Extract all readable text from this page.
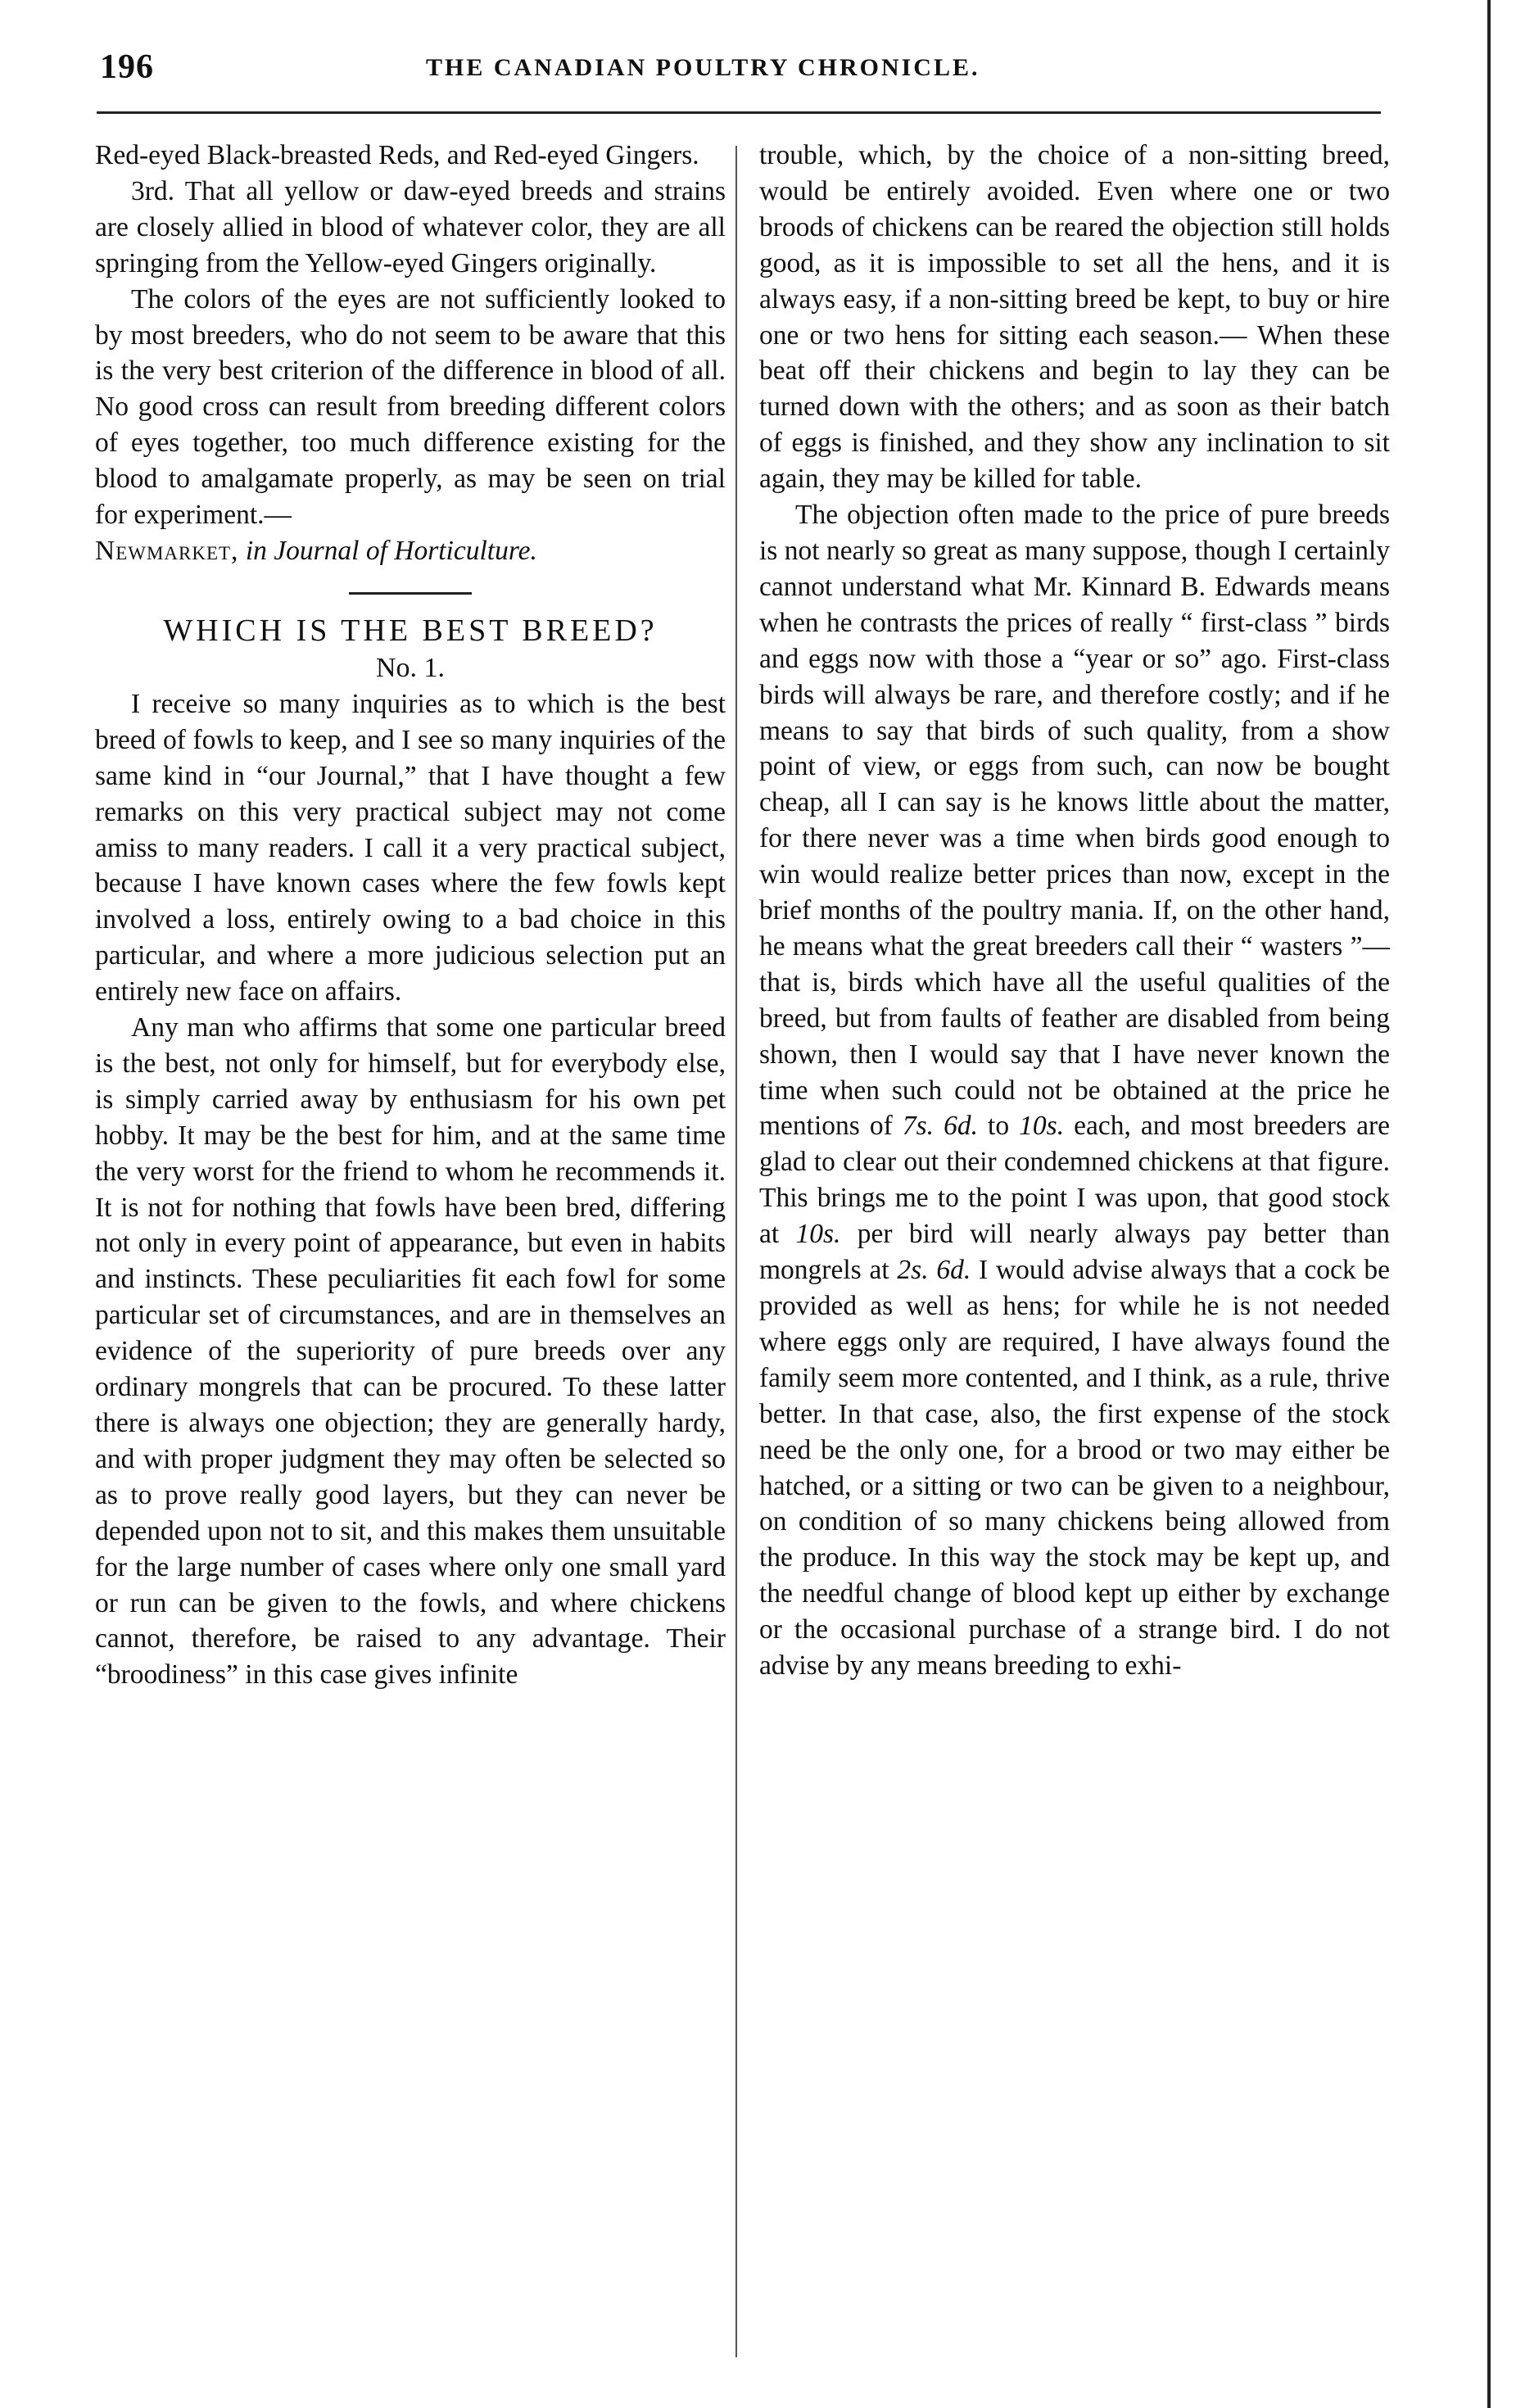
196	THE CANADIAN POULTRY CHRONICLE.

Red-eyed Black-breasted Reds, and Red-eyed Gingers.

3rd. That all yellow or daw-eyed breeds and strains are closely allied in blood of whatever color, they are all springing from the Yellow-eyed Gingers originally.

The colors of the eyes are not sufficiently looked to by most breeders, who do not seem to be aware that this is the very best criterion of the difference in blood of all. No good cross can result from breeding different colors of eyes together, too much difference existing for the blood to amalgamate properly, as may be seen on trial for experiment.—

Newmarket, in Journal of Horticulture.

WHICH IS THE BEST BREED?

No. 1.

I receive so many inquiries as to which is the best breed of fowls to keep, and I see so many inquiries of the same kind in “our Journal,” that I have thought a few remarks on this very practical subject may not come amiss to many readers. I call it a very practical subject, because I have known cases where the few fowls kept involved a loss, entirely owing to a bad choice in this particular, and where a more judicious selection put an entirely new face on affairs.

Any man who affirms that some one particular breed is the best, not only for himself, but for everybody else, is simply carried away by enthusiasm for his own pet hobby. It may be the best for him, and at the same time the very worst for the friend to whom he recommends it. It is not for nothing that fowls have been bred, differing not only in every point of appearance, but even in habits and instincts. These peculiarities fit each fowl for some particular set of circumstances, and are in themselves an evidence of the superiority of pure breeds over any ordinary mongrels that can be procured. To these latter there is always one objection; they are generally hardy, and with proper judgment they may often be selected so as to prove really good layers, but they can never be depended upon not to sit, and this makes them unsuitable for the large number of cases where only one small yard or run can be given to the fowls, and where chickens cannot, therefore, be raised to any advantage. Their “broodiness” in this case gives infinite

trouble, which, by the choice of a non-sitting breed, would be entirely avoided. Even where one or two broods of chickens can be reared the objection still holds good, as it is impossible to set all the hens, and it is always easy, if a non-sitting breed be kept, to buy or hire one or two hens for sitting each season.— When these beat off their chickens and begin to lay they can be turned down with the others; and as soon as their batch of eggs is finished, and they show any inclination to sit again, they may be killed for table.

The objection often made to the price of pure breeds is not nearly so great as many suppose, though I certainly cannot understand what Mr. Kinnard B. Edwards means when he contrasts the prices of really “ first-class ” birds and eggs now with those a “year or so” ago. First-class birds will always be rare, and therefore costly; and if he means to say that birds of such quality, from a show point of view, or eggs from such, can now be bought cheap, all I can say is he knows little about the matter, for there never was a time when birds good enough to win would realize better prices than now, except in the brief months of the poultry mania. If, on the other hand, he means what the great breeders call their “ wasters ”—that is, birds which have all the useful qualities of the breed, but from faults of feather are disabled from being shown, then I would say that I have never known the time when such could not be obtained at the price he mentions of 7s. 6d. to 10s. each, and most breeders are glad to clear out their condemned chickens at that figure. This brings me to the point I was upon, that good stock at 10s. per bird will nearly always pay better than mongrels at 2s. 6d. I would advise always that a cock be provided as well as hens; for while he is not needed where eggs only are required, I have always found the family seem more contented, and I think, as a rule, thrive better. In that case, also, the first expense of the stock need be the only one, for a brood or two may either be hatched, or a sitting or two can be given to a neighbour, on condition of so many chickens being allowed from the produce. In this way the stock may be kept up, and the needful change of blood kept up either by exchange or the occasional purchase of a strange bird. I do not advise by any means breeding to exhi-
